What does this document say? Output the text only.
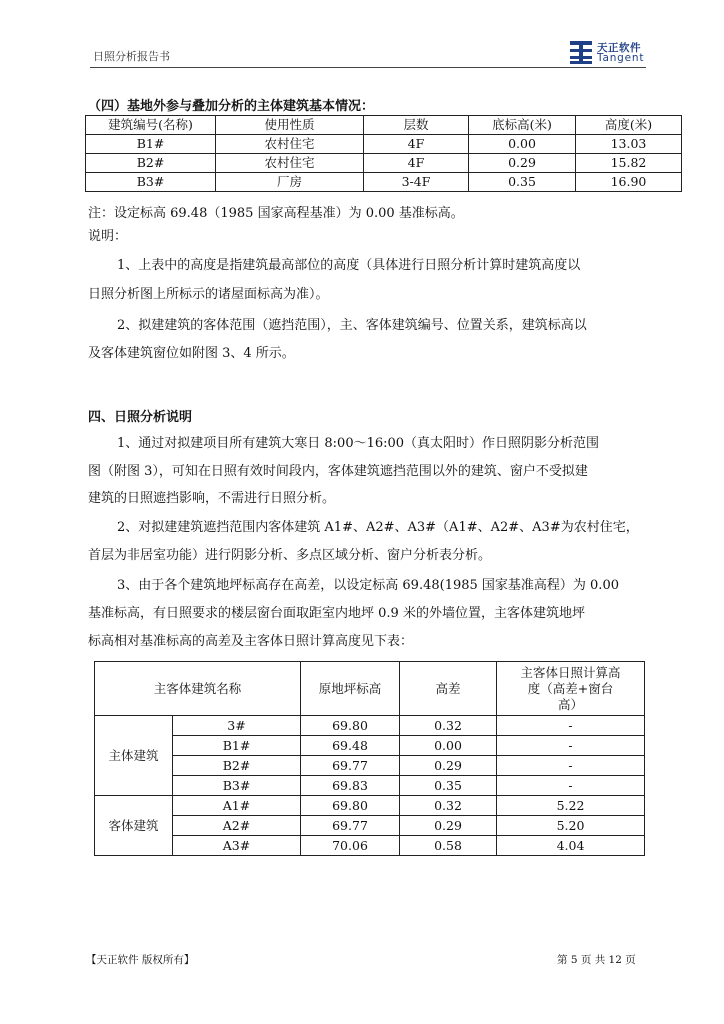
日照分析报告书
天正软件
Tangent
（四）基地外参与叠加分析的主体建筑基本情况：
建筑编号(名称)	使用性质	层数	底标高(米)	高度(米)
B1#	农村住宅	4F	0.00	13.03
B2#	农村住宅	4F	0.29	15.82
B3#	厂房	3-4F	0.35	16.90
注：设定标高 69.48（1985 国家高程基准）为 0.00 基准标高。
说明：
1、上表中的高度是指建筑最高部位的高度（具体进行日照分析计算时建筑高度以
日照分析图上所标示的诸屋面标高为准）。
2、拟建建筑的客体范围（遮挡范围），主、客体建筑编号、位置关系，建筑标高以
及客体建筑窗位如附图 3、4 所示。
四、日照分析说明
1、通过对拟建项目所有建筑大寒日 8:00～16:00（真太阳时）作日照阴影分析范围
图（附图 3），可知在日照有效时间段内，客体建筑遮挡范围以外的建筑、窗户不受拟建
建筑的日照遮挡影响，不需进行日照分析。
2、对拟建建筑遮挡范围内客体建筑 A1#、A2#、A3#（A1#、A2#、A3#为农村住宅，
首层为非居室功能）进行阴影分析、多点区域分析、窗户分析表分析。
3、由于各个建筑地坪标高存在高差，以设定标高 69.48(1985 国家基准高程）为 0.00
基准标高，有日照要求的楼层窗台面取距室内地坪 0.9 米的外墙位置，主客体建筑地坪
标高相对基准标高的高差及主客体日照计算高度见下表：
主客体建筑名称		原地坪标高	高差	主客体日照计算高
度（高差+窗台
高）

主体建筑	3#	69.80	0.32	-
	B1#	69.48	0.00	-
	B2#	69.77	0.29	-
	B3#	69.83	0.35	-
客体建筑	A1#	69.80	0.32	5.22
	A2#	69.77	0.29	5.20
	A3#	70.06	0.58	4.04
【天正软件 版权所有】	第 5 页 共 12 页
